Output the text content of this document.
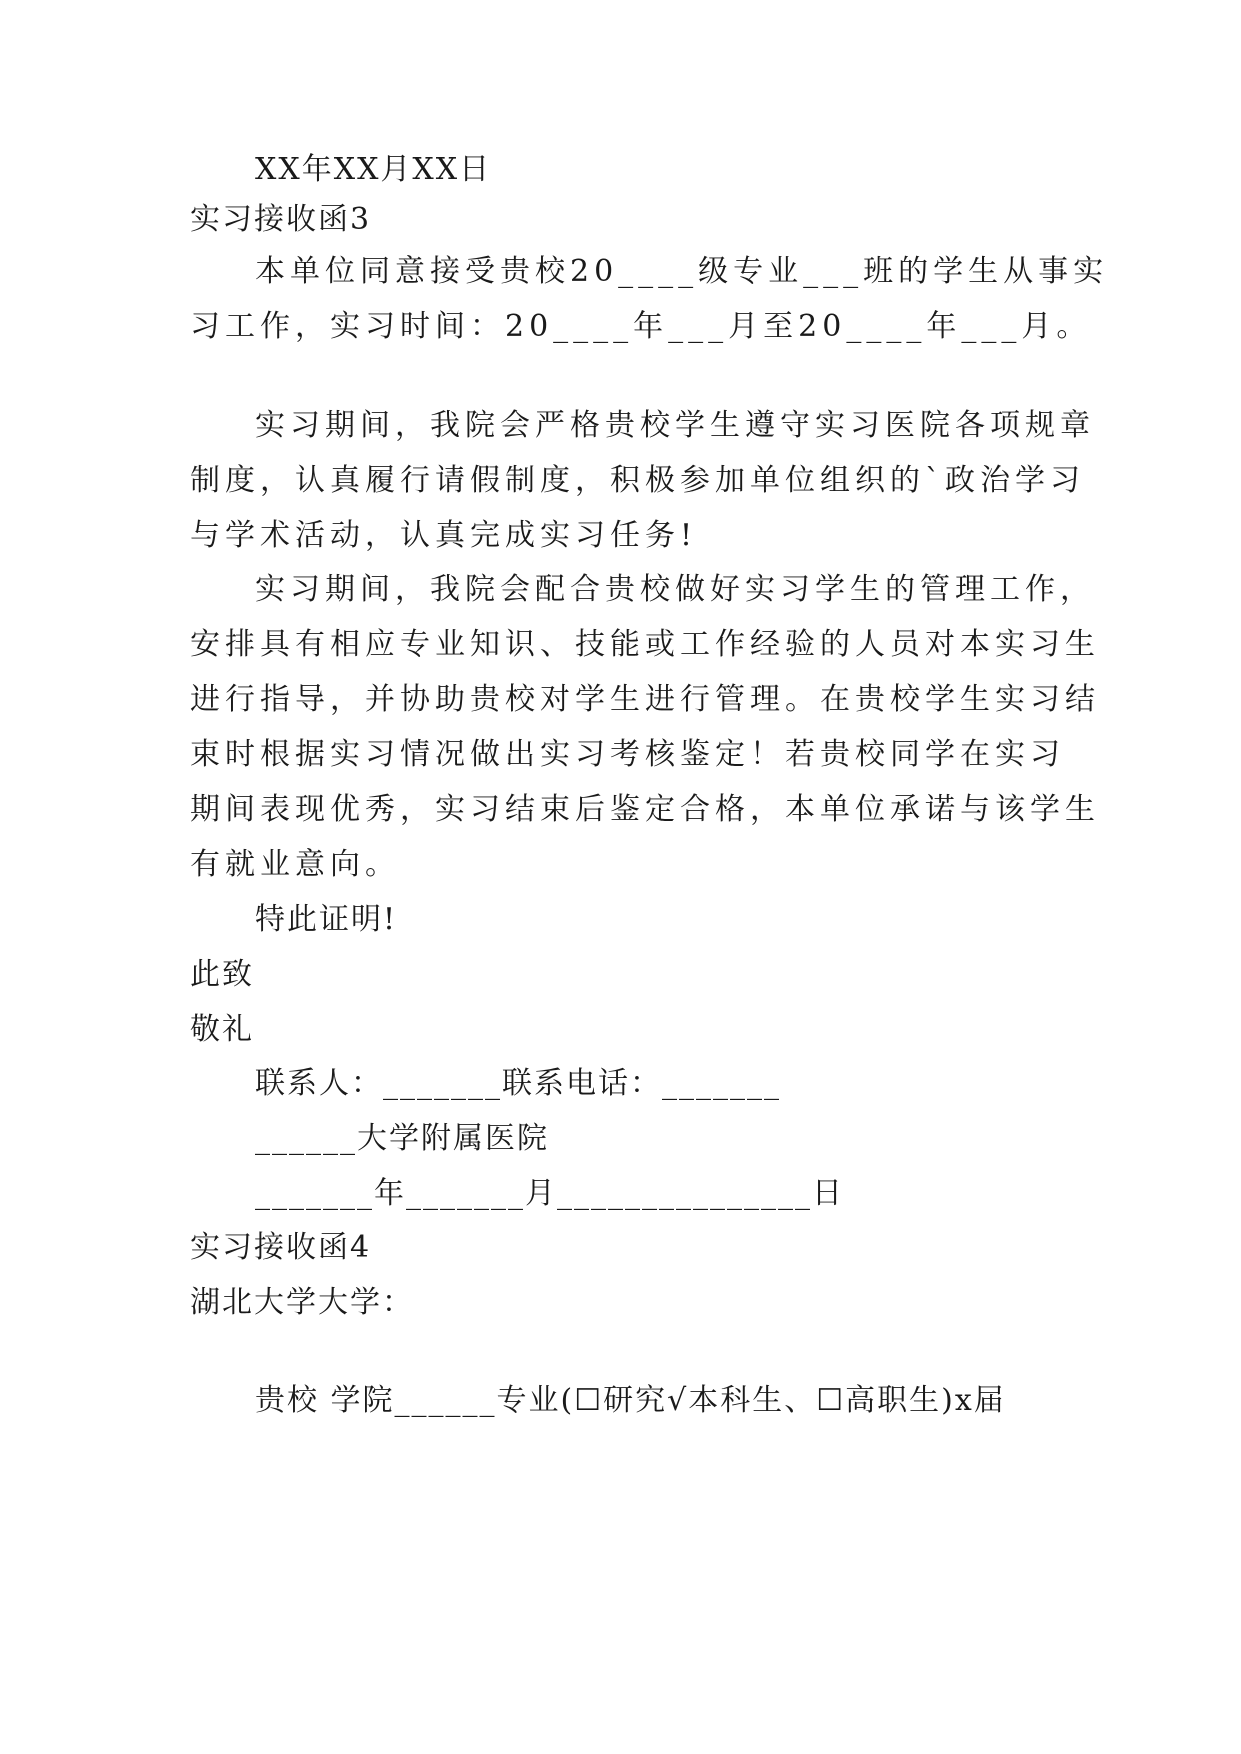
XX年XX月XX日
实习接收函3
本单位同意接受贵校20____级专业___班的学生从事实
习工作，实习时间：20____年___月至20____年___月。
实习期间，我院会严格贵校学生遵守实习医院各项规章
制度，认真履行请假制度，积极参加单位组织的`政治学习
与学术活动，认真完成实习任务!
实习期间，我院会配合贵校做好实习学生的管理工作，
安排具有相应专业知识、技能或工作经验的人员对本实习生
进行指导，并协助贵校对学生进行管理。在贵校学生实习结
束时根据实习情况做出实习考核鉴定！若贵校同学在实习
期间表现优秀，实习结束后鉴定合格，本单位承诺与该学生
有就业意向。
特此证明!
此致
敬礼
联系人：_______联系电话：_______
______大学附属医院
_______年_______月_______________日
实习接收函4
湖北大学大学：
贵校 学院______专业(☐研究√本科生、☐高职生)x届
